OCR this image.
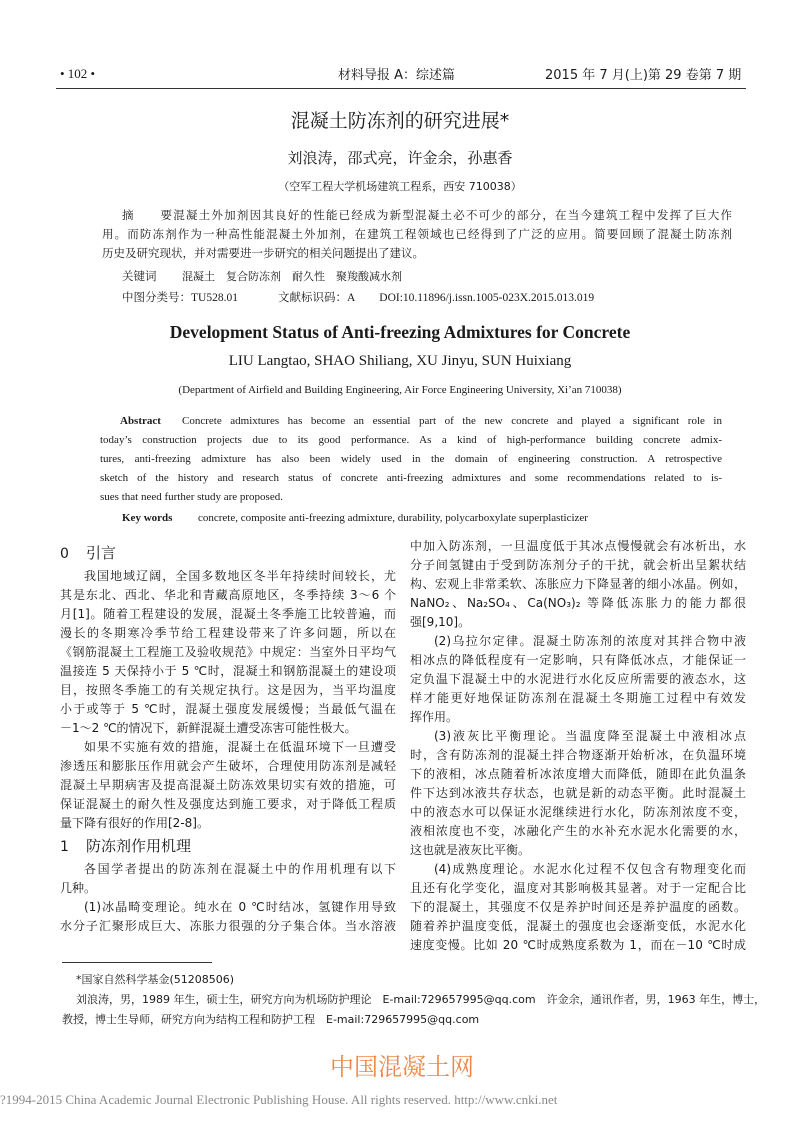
• 102 •	材料导报 A：综述篇	2015 年 7 月(上)第 29 卷第 7 期
混凝土防冻剂的研究进展*
刘浪涛，邵式亮，许金余，孙惠香
（空军工程大学机场建筑工程系，西安 710038）
摘要混凝土外加剂因其良好的性能已经成为新型混凝土必不可少的部分，在当今建筑工程中发挥了巨大作
用。而防冻剂作为一种高性能混凝土外加剂，在建筑工程领域也已经得到了广泛的应用。简要回顾了混凝土防冻剂
历史及研究现状，并对需要进一步研究的相关问题提出了建议。
关键词 混凝土　复合防冻剂　耐久性　聚羧酸减水剂
中图分类号：TU528.01	文献标识码：A DOI:10.11896/j.issn.1005-023X.2015.013.019
Development Status of Anti-freezing Admixtures for Concrete
LIU Langtao, SHAO Shiliang, XU Jinyu, SUN Huixiang
(Department of Airfield and Building Engineering, Air Force Engineering University, Xi’an 710038)
Abstract Concrete admixtures has become an essential part of the new concrete and played a significant role in
today’s construction projects due to its good performance. As a kind of high-performance building concrete admix-
tures, anti-freezing admixture has also been widely used in the domain of engineering construction. A retrospective
sketch of the history and research status of concrete anti-freezing admixtures and some recommendations related to is-
sues that need further study are proposed.
Key words concrete, composite anti-freezing admixture, durability, polycarboxylate superplasticizer
0 引言
我国地域辽阔，全国多数地区冬半年持续时间较长，尤
其是东北、西北、华北和青藏高原地区，冬季持续 3～6 个
月[1]。随着工程建设的发展，混凝土冬季施工比较普遍，而
漫长的冬期寒冷季节给工程建设带来了许多问题，所以在
《钢筋混凝土工程施工及验收规范》中规定：当室外日平均气
温接连 5 天保持小于 5 ℃时，混凝土和钢筋混凝土的建设项
目，按照冬季施工的有关规定执行。这是因为，当平均温度
小于或等于 5 ℃时，混凝土强度发展缓慢；当最低气温在
－1～2 ℃的情况下，新鲜混凝土遭受冻害可能性极大。
如果不实施有效的措施，混凝土在低温环境下一旦遭受
渗透压和膨胀压作用就会产生破坏，合理使用防冻剂是减轻
混凝土早期病害及提高混凝土防冻效果切实有效的措施，可
保证混凝土的耐久性及强度达到施工要求，对于降低工程质
量下降有很好的作用[2-8]。
1 防冻剂作用机理
各国学者提出的防冻剂在混凝土中的作用机理有以下
几种。
(1)冰晶畸变理论。纯水在 0 ℃时结冰，氢键作用导致
水分子汇聚形成巨大、冻胀力很强的分子集合体。当水溶液
中加入防冻剂，一旦温度低于其冰点慢慢就会有冰析出，水
分子间氢键由于受到防冻剂分子的干扰，就会析出呈絮状结
构、宏观上非常柔软、冻胀应力下降显著的细小冰晶。例如，
NaNO₂、Na₂SO₄、Ca(NO₃)₂ 等降低冻胀力的能力都很
强[9,10]。
(2)乌拉尔定律。混凝土防冻剂的浓度对其拌合物中液
相冰点的降低程度有一定影响，只有降低冰点，才能保证一
定负温下混凝土中的水泥进行水化反应所需要的液态水，这
样才能更好地保证防冻剂在混凝土冬期施工过程中有效发
挥作用。
(3)液灰比平衡理论。当温度降至混凝土中液相冰点
时，含有防冻剂的混凝土拌合物逐渐开始析冰，在负温环境
下的液相，冰点随着析冰浓度增大而降低，随即在此负温条
件下达到冰液共存状态，也就是新的动态平衡。此时混凝土
中的液态水可以保证水泥继续进行水化，防冻剂浓度不变，
液相浓度也不变，冰融化产生的水补充水泥水化需要的水，
这也就是液灰比平衡。
(4)成熟度理论。水泥水化过程不仅包含有物理变化而
且还有化学变化，温度对其影响极其显著。对于一定配合比
下的混凝土，其强度不仅是养护时间还是养护温度的函数。
随着养护温度变低，混凝土的强度也会逐渐变低，水泥水化
速度变慢。比如 20 ℃时成熟度系数为 1，而在－10 ℃时成
*国家自然科学基金(51208506)
刘浪涛，男，1989 年生，硕士生，研究方向为机场防护理论　E-mail:729657995@qq.com　许金余，通讯作者，男，1963 年生，博士，
教授，博士生导师，研究方向为结构工程和防护工程　E-mail:729657995@qq.com
中国混凝土网
?1994-2015 China Academic Journal Electronic Publishing House. All rights reserved. http://www.cnki.net
